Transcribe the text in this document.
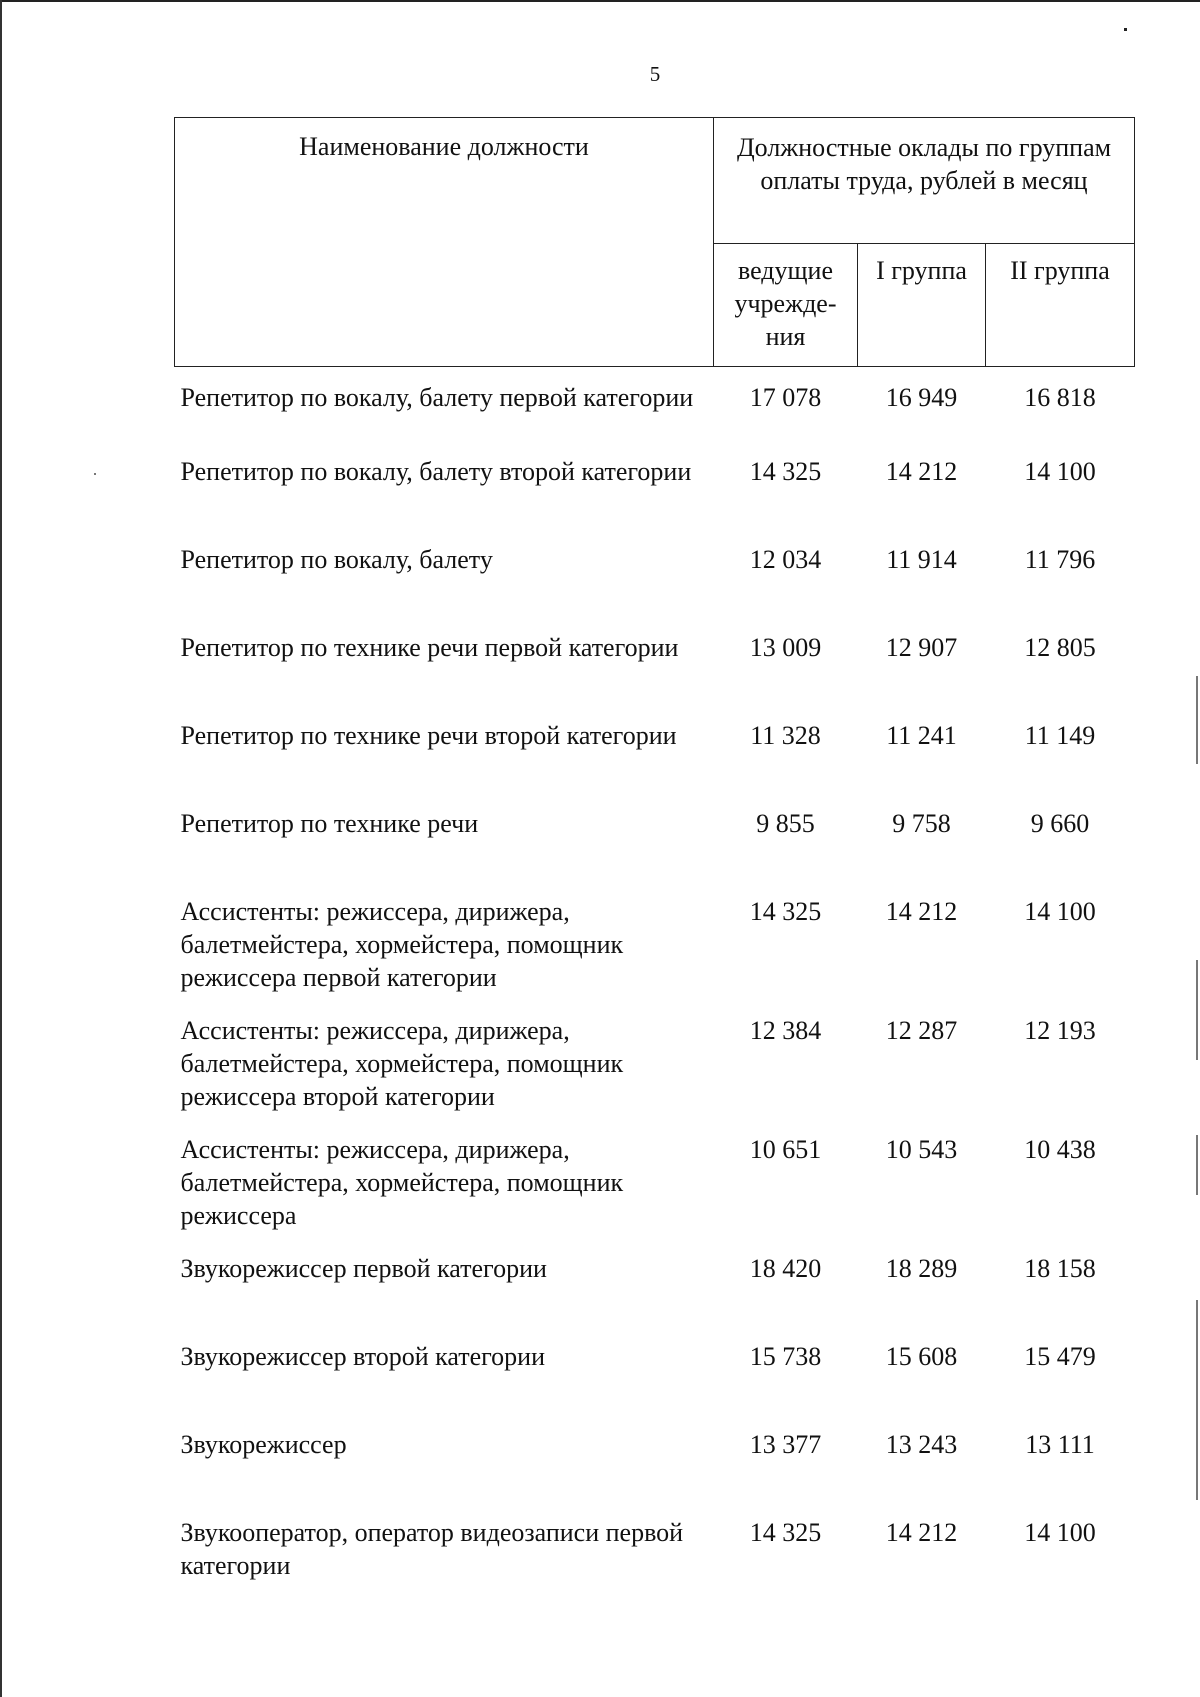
5
Наименование должности	Должностные оклады по группам оплаты труда, рублей в месяц		
	ведущие учрежде-ния	I группа	II группа
Репетитор по вокалу, балету первой категории	17 078	16 949	16 818
Репетитор по вокалу, балету второй категории	14 325	14 212	14 100
Репетитор по вокалу, балету	12 034	11 914	11 796
Репетитор по технике речи первой категории	13 009	12 907	12 805
Репетитор по технике речи второй категории	11 328	11 241	11 149
Репетитор по технике речи	9 855	9 758	9 660
Ассистенты: режиссера, дирижера, балетмейстера, хормейстера, помощник режиссера первой категории	14 325	14 212	14 100
Ассистенты: режиссера, дирижера, балетмейстера, хормейстера, помощник режиссера второй категории	12 384	12 287	12 193
Ассистенты: режиссера, дирижера, балетмейстера, хормейстера, помощник режиссера	10 651	10 543	10 438
Звукорежиссер первой категории	18 420	18 289	18 158
Звукорежиссер второй категории	15 738	15 608	15 479
Звукорежиссер	13 377	13 243	13 111
Звукооператор, оператор видеозаписи первой категории	14 325	14 212	14 100
